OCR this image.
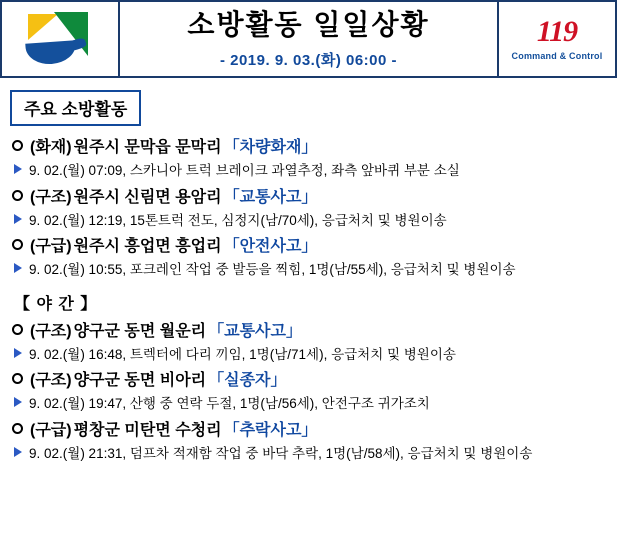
소방활동 일일상황
- 2019. 9. 03.(화) 06:00 -
119
Command & Control
주요 소방활동
(화재) 원주시 문막읍 문막리 「차량화재」
9. 02.(월) 07:09, 스카니아 트럭 브레이크 과열추정, 좌측 앞바퀴 부분 소실
(구조) 원주시 신림면 용암리 「교통사고」
9. 02.(월) 12:19, 15톤트럭 전도, 심정지(남/70세), 응급처치 및 병원이송
(구급) 원주시 흥업면 흥업리 「안전사고」
9. 02.(월) 10:55, 포크레인 작업 중 발등을 찍힘, 1명(남/55세), 응급처치 및 병원이송
【 야 간 】
(구조) 양구군 동면 월운리 「교통사고」
9. 02.(월) 16:48, 트렉터에 다리 끼임, 1명(남/71세), 응급처치 및 병원이송
(구조) 양구군 동면 비아리 「실종자」
9. 02.(월) 19:47, 산행 중 연락 두절, 1명(남/56세), 안전구조 귀가조치
(구급) 평창군 미탄면 수청리 「추락사고」
9. 02.(월) 21:31, 덤프차 적재함 작업 중 바닥 추락, 1명(남/58세), 응급처치 및 병원이송
